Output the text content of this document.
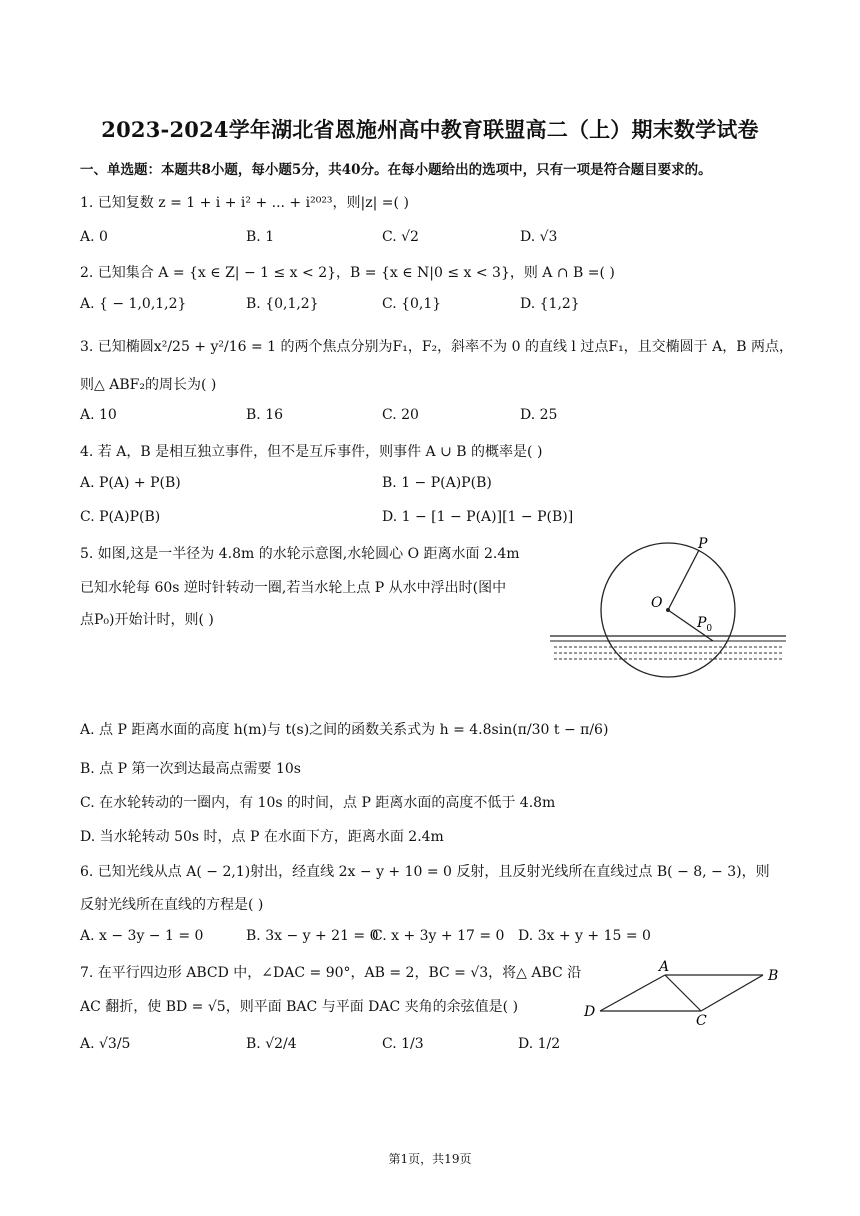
2023-2024学年湖北省恩施州高中教育联盟高二（上）期末数学试卷
一、单选题：本题共8小题，每小题5分，共40分。在每小题给出的选项中，只有一项是符合题目要求的。
1. 已知复数 z = 1 + i + i² + ... + i²⁰²³，则|z| =( )
A. 0	B. 1	C. √2	D. √3
2. 已知集合 A = {x ∈ Z| − 1 ≤ x < 2}，B = {x ∈ N|0 ≤ x < 3}，则 A ∩ B =( )
A. { − 1,0,1,2}	B. {0,1,2}	C. {0,1}	D. {1,2}
3. 已知椭圆x²/25 + y²/16 = 1 的两个焦点分别为F₁，F₂，斜率不为 0 的直线 l 过点F₁，且交椭圆于 A，B 两点，
则△ ABF₂的周长为( )
A. 10	B. 16	C. 20	D. 25
4. 若 A，B 是相互独立事件，但不是互斥事件，则事件 A ∪ B 的概率是( )
A. P(A) + P(B)	B. 1 − P(A)P(B)
C. P(A)P(B)	D. 1 − [1 − P(A)][1 − P(B)]
5. 如图,这是一半径为 4.8m 的水轮示意图,水轮圆心 O 距离水面 2.4m
已知水轮每 60s 逆时针转动一圈,若当水轮上点 P 从水中浮出时(图中
点P₀)开始计时，则( )
P
O
$P_0$
A. 点 P 距离水面的高度 h(m)与 t(s)之间的函数关系式为 h = 4.8sin(π/30 t − π/6)
B. 点 P 第一次到达最高点需要 10s
C. 在水轮转动的一圈内，有 10s 的时间，点 P 距离水面的高度不低于 4.8m
D. 当水轮转动 50s 时，点 P 在水面下方，距离水面 2.4m
6. 已知光线从点 A( − 2,1)射出，经直线 2x − y + 10 = 0 反射，且反射光线所在直线过点 B( − 8, − 3)，则
反射光线所在直线的方程是( )
A. x − 3y − 1 = 0	B. 3x − y + 21 = 0
C. x + 3y + 17 = 0 D. 3x + y + 15 = 0
7. 在平行四边形 ABCD 中，∠DAC = 90°，AB = 2，BC = √3，将△ ABC 沿
AC 翻折，使 BD = √5，则平面 BAC 与平面 DAC 夹角的余弦值是( )
A
B
C
D
A. √3/5	B. √2/4	C. 1/3	D. 1/2
第1页，共19页
